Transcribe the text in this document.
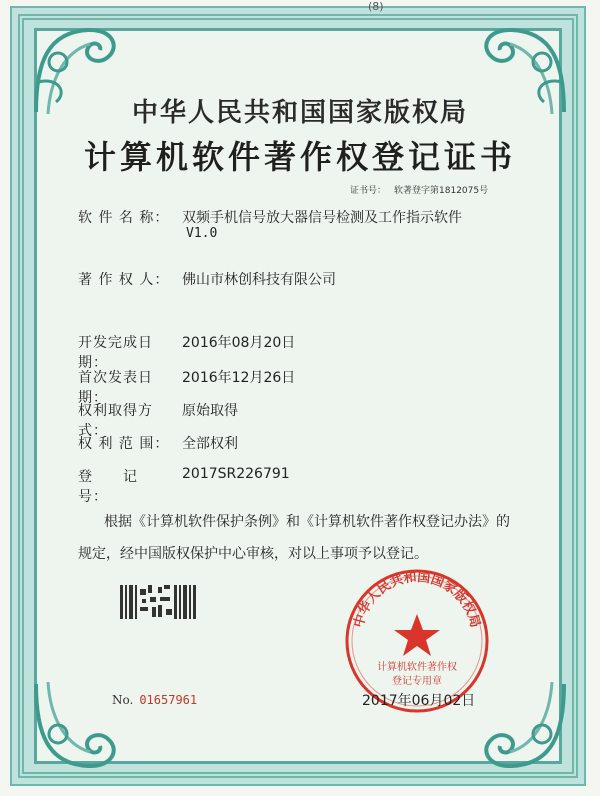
(8)
中华人民共和国国家版权局
计算机软件著作权登记证书
证书号： 软著登字第1812075号
软 件 名 称： 双频手机信号放大器信号检测及工作指示软件
V1.0
著 作 权 人： 佛山市林创科技有限公司
开发完成日期：2016年08月20日
首次发表日期：2016年12月26日
权利取得方式：原始取得
权 利 范 围： 全部权利
登　　记　号：2017SR226791
根据《计算机软件保护条例》和《计算机软件著作权登记办法》的
规定，经中国版权保护中心审核，对以上事项予以登记。
No. 01657961
中华人民共和国国家版权局
计算机软件著作权
登记专用章
2017年06月02日
